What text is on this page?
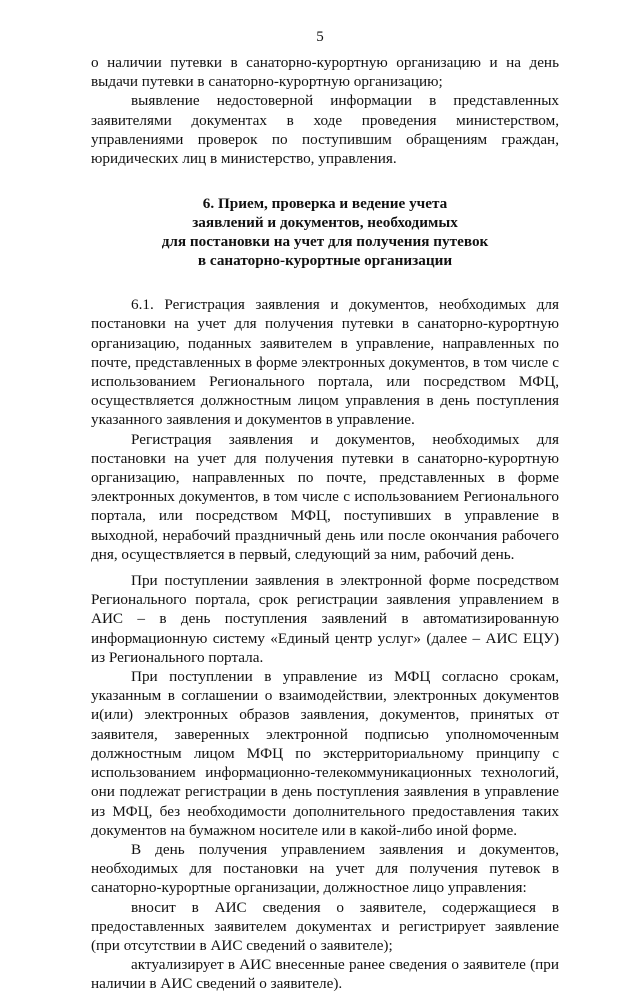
5

о наличии путевки в санаторно-курортную организацию и на день выдачи путевки в санаторно-курортную организацию;

выявление недостоверной информации в представленных заявителями документах в ходе проведения министерством, управлениями проверок по поступившим обращениям граждан, юридических лиц в министерство, управления.

6. Прием, проверка и ведение учета
заявлений и документов, необходимых
для постановки на учет для получения путевок
в санаторно-курортные организации

6.1. Регистрация заявления и документов, необходимых для постановки на учет для получения путевки в санаторно-курортную организацию, поданных заявителем в управление, направленных по почте, представленных в форме электронных документов, в том числе с использованием Регионального портала, или посредством МФЦ, осуществляется должностным лицом управления в день поступления указанного заявления и документов в управление.

Регистрация заявления и документов, необходимых для постановки на учет для получения путевки в санаторно-курортную организацию, направленных по почте, представленных в форме электронных документов, в том числе с использованием Регионального портала, или посредством МФЦ, поступивших в управление в выходной, нерабочий праздничный день или после окончания рабочего дня, осуществляется в первый, следующий за ним, рабочий день.

При поступлении заявления в электронной форме посредством Регионального портала, срок регистрации заявления управлением в АИС – в день поступления заявлений в автоматизированную информационную систему «Единый центр услуг» (далее – АИС ЕЦУ) из Регионального портала.

При поступлении в управление из МФЦ согласно срокам, указанным в соглашении о взаимодействии, электронных документов и(или) электронных образов заявления, документов, принятых от заявителя, заверенных электронной подписью уполномоченным должностным лицом МФЦ по экстерриториальному принципу с использованием информационно-телекоммуникационных технологий, они подлежат регистрации в день поступления заявления в управление из МФЦ, без необходимости дополнительного предоставления таких документов на бумажном носителе или в какой-либо иной форме.

В день получения управлением заявления и документов, необходимых для постановки на учет для получения путевок в санаторно-курортные организации, должностное лицо управления:

вносит в АИС сведения о заявителе, содержащиеся в предоставленных заявителем документах и регистрирует заявление (при отсутствии в АИС сведений о заявителе);

актуализирует в АИС внесенные ранее сведения о заявителе (при наличии в АИС сведений о заявителе).
